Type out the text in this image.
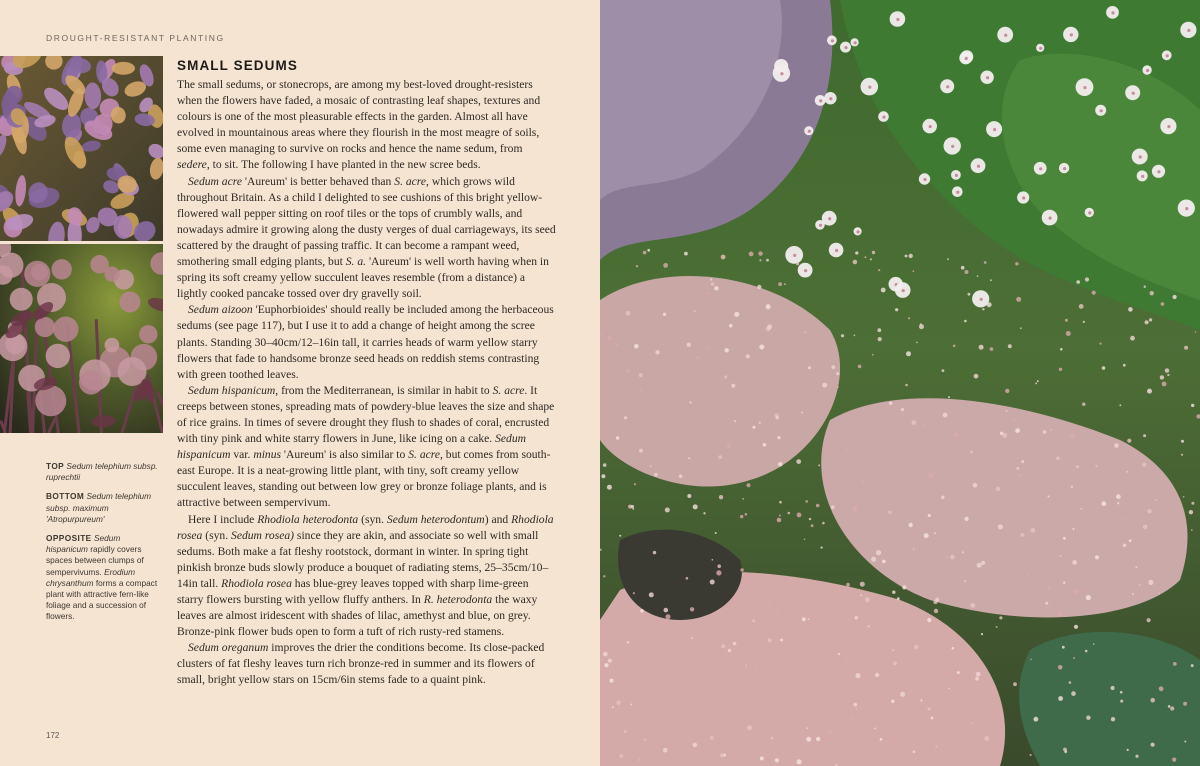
DROUGHT-RESISTANT PLANTING

TOP Sedum telephium subsp. ruprechtii

BOTTOM Sedum telephium subsp. maximum 'Atropurpureum'

OPPOSITE Sedum hispanicum rapidly covers spaces between clumps of sempervivums. Erodium chrysanthum forms a compact plant with attractive fern-like foliage and a succession of flowers.

SMALL SEDUMS

The small sedums, or stonecrops, are among my best-loved drought-resisters when the flowers have faded, a mosaic of contrasting leaf shapes, textures and colours is one of the most pleasurable effects in the garden. Almost all have evolved in mountainous areas where they flourish in the most meagre of soils, some even managing to survive on rocks and hence the name sedum, from sedere, to sit. The following I have planted in the new scree beds.

Sedum acre 'Aureum' is better behaved than S. acre, which grows wild throughout Britain. As a child I delighted to see cushions of this bright yellow-flowered wall pepper sitting on roof tiles or the tops of crumbly walls, and nowadays admire it growing along the dusty verges of dual carriageways, its seed scattered by the draught of passing traffic. It can become a rampant weed, smothering small edging plants, but S. a. 'Aureum' is well worth having when in spring its soft creamy yellow succulent leaves resemble (from a distance) a lightly cooked pancake tossed over dry gravelly soil.

Sedum aizoon 'Euphorbioides' should really be included among the herbaceous sedums (see page 117), but I use it to add a change of height among the scree plants. Standing 30–40cm/12–16in tall, it carries heads of warm yellow starry flowers that fade to handsome bronze seed heads on reddish stems contrasting with green toothed leaves.

Sedum hispanicum, from the Mediterranean, is similar in habit to S. acre. It creeps between stones, spreading mats of powdery-blue leaves the size and shape of rice grains. In times of severe drought they flush to shades of coral, encrusted with tiny pink and white starry flowers in June, like icing on a cake. Sedum hispanicum var. minus 'Aureum' is also similar to S. acre, but comes from south-east Europe. It is a neat-growing little plant, with tiny, soft creamy yellow succulent leaves, standing out between low grey or bronze foliage plants, and is attractive between sempervivum.

Here I include Rhodiola heterodonta (syn. Sedum heterodontum) and Rhodiola rosea (syn. Sedum rosea) since they are akin, and associate so well with small sedums. Both make a fat fleshy rootstock, dormant in winter. In spring tight pinkish bronze buds slowly produce a bouquet of radiating stems, 25–35cm/10–14in tall. Rhodiola rosea has blue-grey leaves topped with sharp lime-green starry flowers bursting with yellow fluffy anthers. In R. heterodonta the waxy leaves are almost iridescent with shades of lilac, amethyst and blue, on grey. Bronze-pink flower buds open to form a tuft of rich rusty-red stamens.

Sedum oreganum improves the drier the conditions become. Its close-packed clusters of fat fleshy leaves turn rich bronze-red in summer and its flowers of small, bright yellow stars on 15cm/6in stems fade to a quaint pink.

172
